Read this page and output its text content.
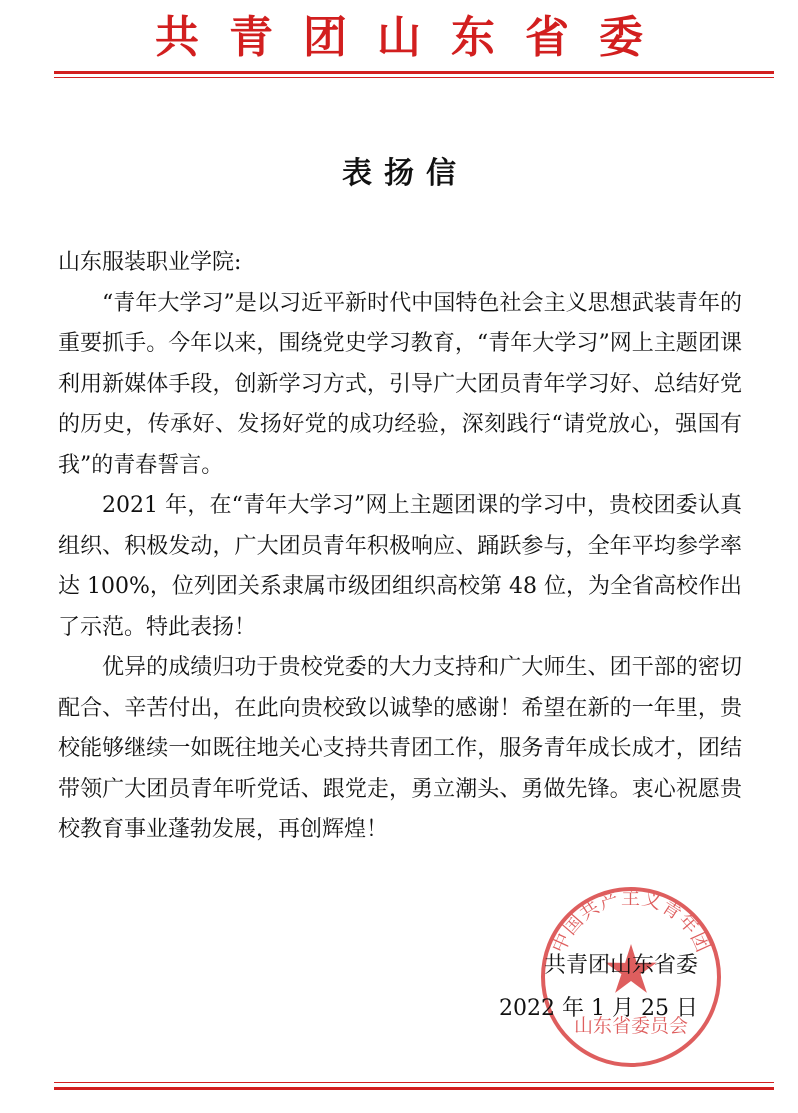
共青团山东省委
表扬信

山东服装职业学院:

“青年大学习”是以习近平新时代中国特色社会主义思想武装青年的重要抓手。今年以来，围绕党史学习教育，“青年大学习”网上主题团课利用新媒体手段，创新学习方式，引导广大团员青年学习好、总结好党的历史，传承好、发扬好党的成功经验，深刻践行“请党放心，强国有我”的青春誓言。

2021 年，在“青年大学习”网上主题团课的学习中，贵校团委认真组织、积极发动，广大团员青年积极响应、踊跃参与，全年平均参学率达 100%，位列团关系隶属市级团组织高校第 48 位，为全省高校作出了示范。特此表扬！

优异的成绩归功于贵校党委的大力支持和广大师生、团干部的密切配合、辛苦付出，在此向贵校致以诚挚的感谢！希望在新的一年里，贵校能够继续一如既往地关心支持共青团工作，服务青年成长成才，团结带领广大团员青年听党话、跟党走，勇立潮头、勇做先锋。衷心祝愿贵校教育事业蓬勃发展，再创辉煌！

中国共产主义青年团
山东省委员会
共青团山东省委
2022 年 1 月 25 日
